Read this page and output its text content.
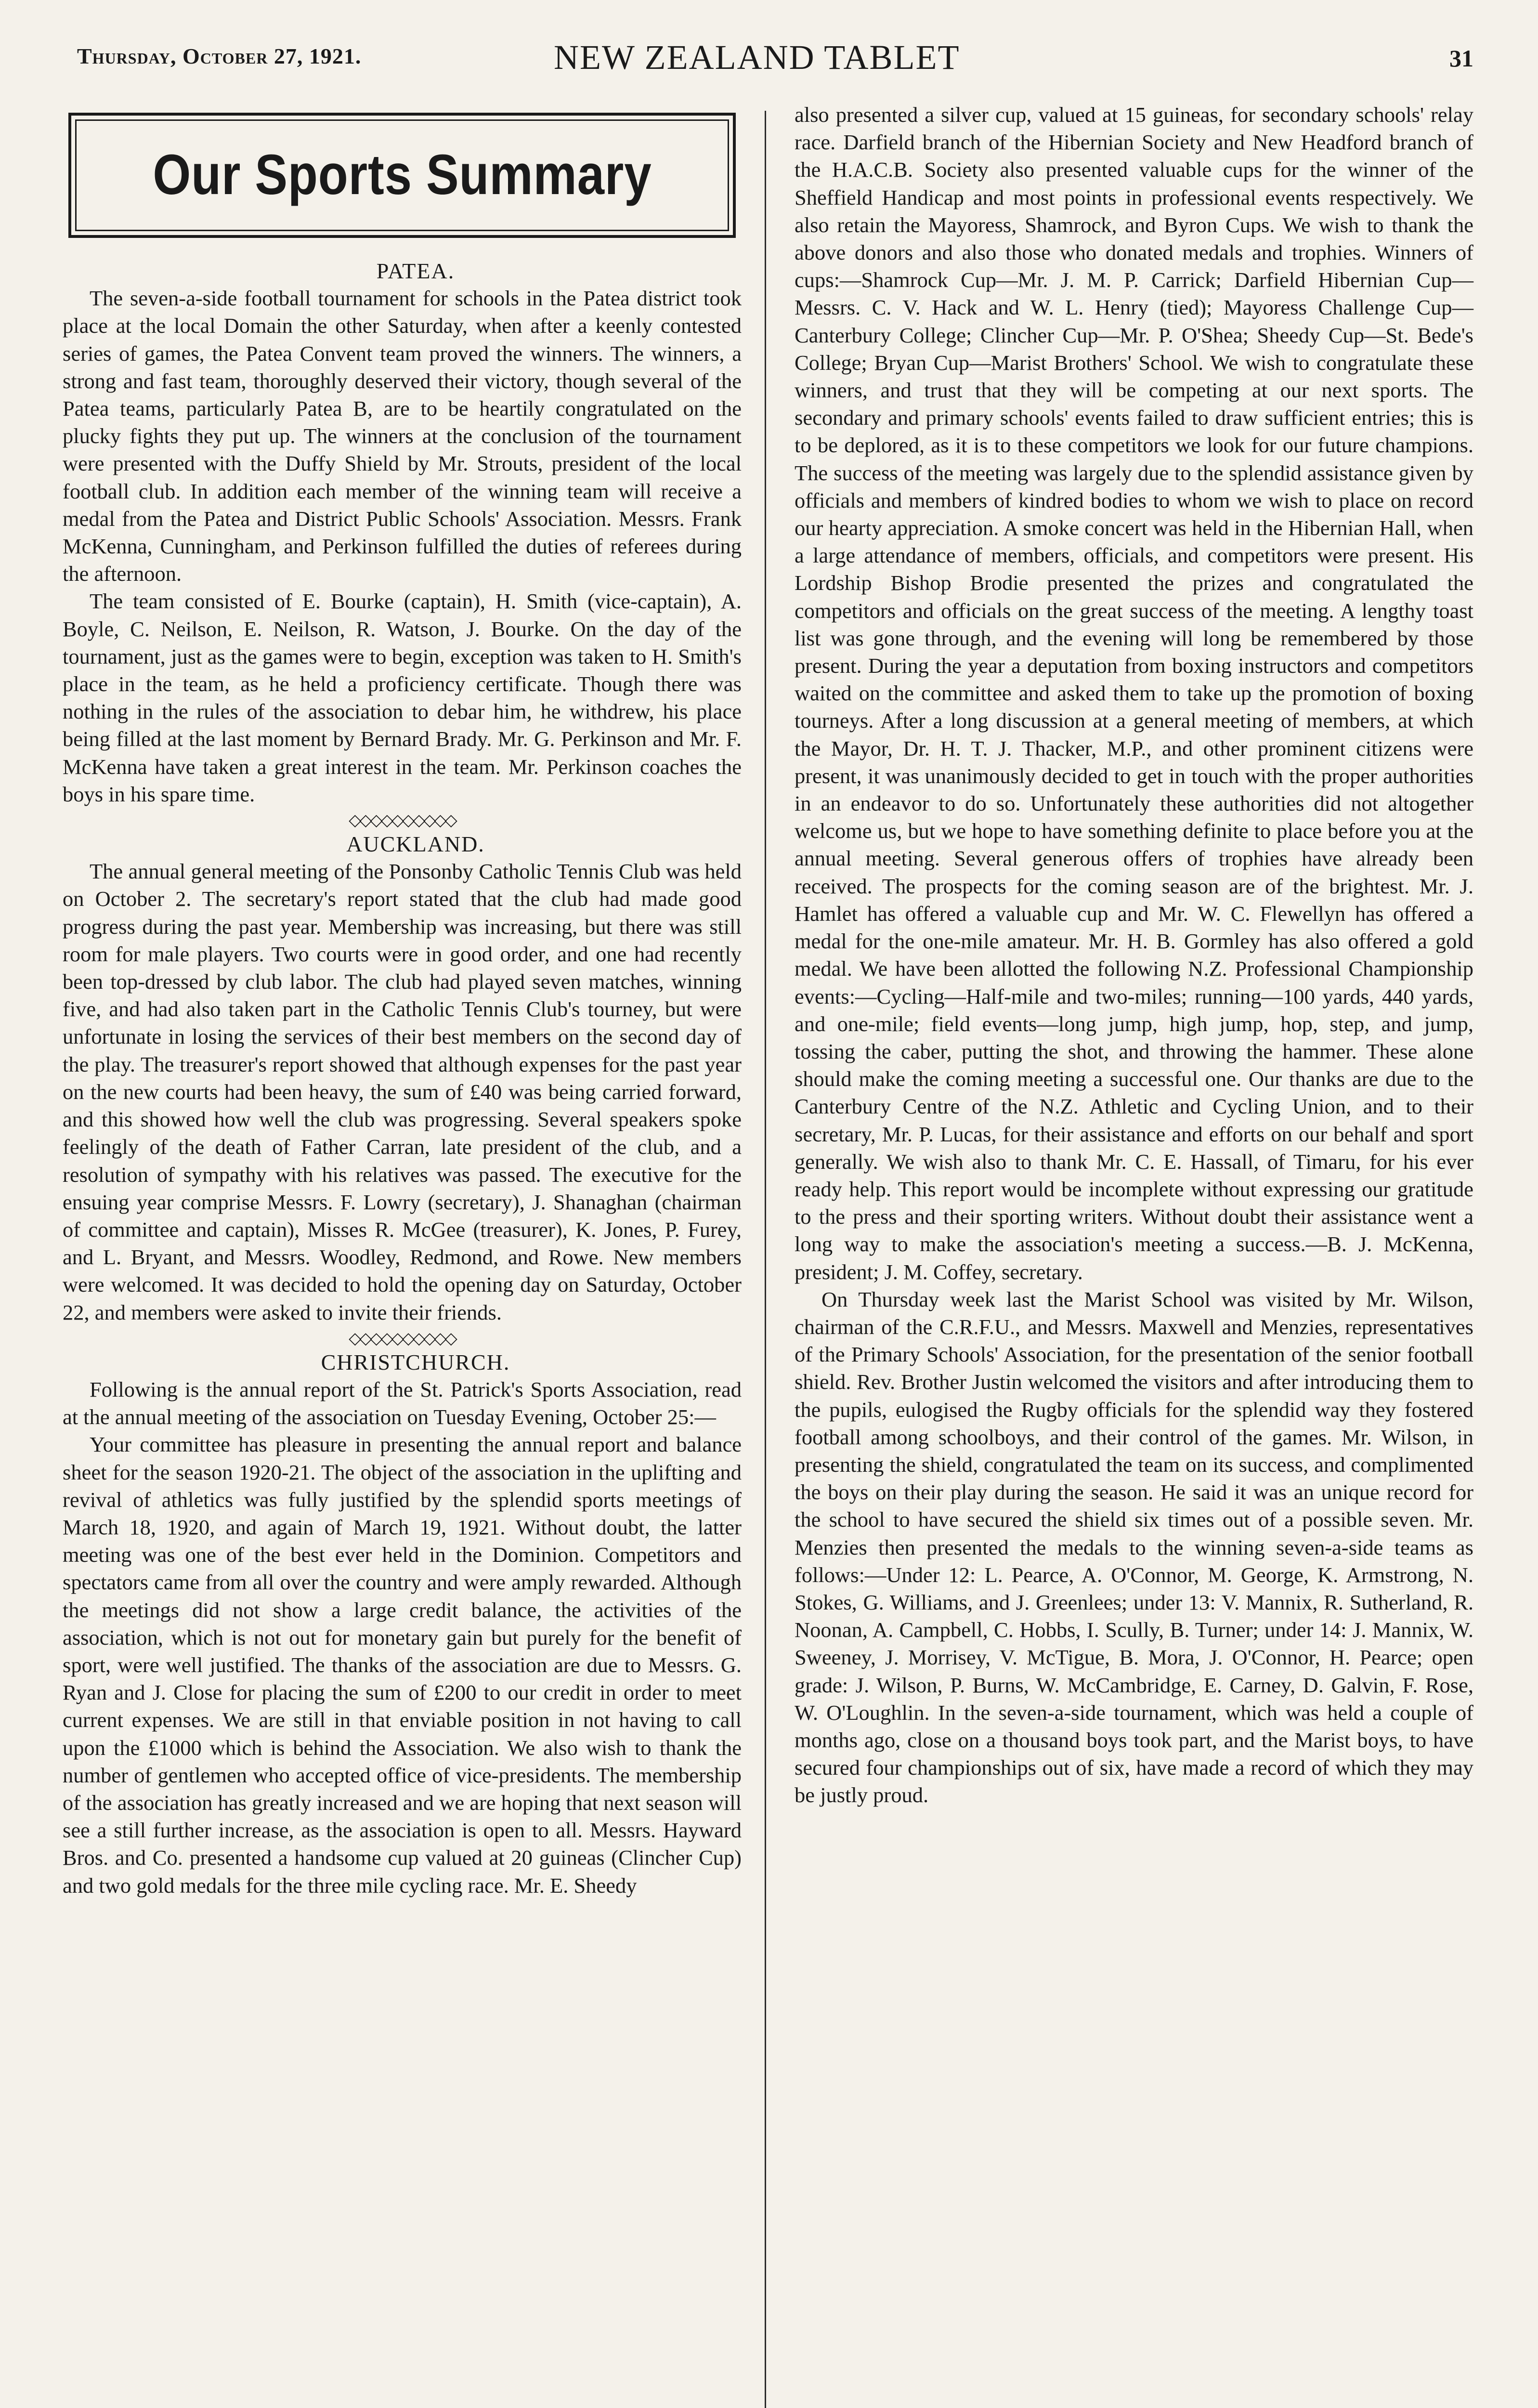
Thursday, October 27, 1921.	NEW ZEALAND TABLET	31
Our Sports Summary

PATEA.

The seven-a-side football tournament for schools in the Patea district took place at the local Domain the other Saturday, when after a keenly contested series of games, the Patea Convent team proved the winners. The winners, a strong and fast team, thoroughly deserved their victory, though several of the Patea teams, particularly Patea B, are to be heartily congratulated on the plucky fights they put up. The winners at the conclusion of the tournament were presented with the Duffy Shield by Mr. Strouts, president of the local football club. In addition each member of the winning team will receive a medal from the Patea and District Public Schools' Association. Messrs. Frank McKenna, Cunningham, and Perkinson fulfilled the duties of referees during the afternoon.

The team consisted of E. Bourke (captain), H. Smith (vice-captain), A. Boyle, C. Neilson, E. Neilson, R. Watson, J. Bourke. On the day of the tournament, just as the games were to begin, exception was taken to H. Smith's place in the team, as he held a proficiency certificate. Though there was nothing in the rules of the association to debar him, he withdrew, his place being filled at the last moment by Bernard Brady. Mr. G. Perkinson and Mr. F. McKenna have taken a great interest in the team. Mr. Perkinson coaches the boys in his spare time.

◇◇◇◇◇◇◇◇◇◇

AUCKLAND.

The annual general meeting of the Ponsonby Catholic Tennis Club was held on October 2. The secretary's report stated that the club had made good progress during the past year. Membership was increasing, but there was still room for male players. Two courts were in good order, and one had recently been top-dressed by club labor. The club had played seven matches, winning five, and had also taken part in the Catholic Tennis Club's tourney, but were unfortunate in losing the services of their best members on the second day of the play. The treasurer's report showed that although expenses for the past year on the new courts had been heavy, the sum of £40 was being carried forward, and this showed how well the club was progressing. Several speakers spoke feelingly of the death of Father Carran, late president of the club, and a resolution of sympathy with his relatives was passed. The executive for the ensuing year comprise Messrs. F. Lowry (secretary), J. Shanaghan (chairman of committee and captain), Misses R. McGee (treasurer), K. Jones, P. Furey, and L. Bryant, and Messrs. Woodley, Redmond, and Rowe. New members were welcomed. It was decided to hold the opening day on Saturday, October 22, and members were asked to invite their friends.

◇◇◇◇◇◇◇◇◇◇

CHRISTCHURCH.

Following is the annual report of the St. Patrick's Sports Association, read at the annual meeting of the association on Tuesday Evening, October 25:—

Your committee has pleasure in presenting the annual report and balance sheet for the season 1920-21. The object of the association in the uplifting and revival of athletics was fully justified by the splendid sports meetings of March 18, 1920, and again of March 19, 1921. Without doubt, the latter meeting was one of the best ever held in the Dominion. Competitors and spectators came from all over the country and were amply rewarded. Although the meetings did not show a large credit balance, the activities of the association, which is not out for monetary gain but purely for the benefit of sport, were well justified. The thanks of the association are due to Messrs. G. Ryan and J. Close for placing the sum of £200 to our credit in order to meet current expenses. We are still in that enviable position in not having to call upon the £1000 which is behind the Association. We also wish to thank the number of gentlemen who accepted office of vice-presidents. The membership of the association has greatly increased and we are hoping that next season will see a still further increase, as the association is open to all. Messrs. Hayward Bros. and Co. presented a handsome cup valued at 20 guineas (Clincher Cup) and two gold medals for the three mile cycling race. Mr. E. Sheedy

also presented a silver cup, valued at 15 guineas, for secondary schools' relay race. Darfield branch of the Hibernian Society and New Headford branch of the H.A.C.B. Society also presented valuable cups for the winner of the Sheffield Handicap and most points in professional events respectively. We also retain the Mayoress, Shamrock, and Byron Cups. We wish to thank the above donors and also those who donated medals and trophies. Winners of cups:—Shamrock Cup—Mr. J. M. P. Carrick; Darfield Hibernian Cup—Messrs. C. V. Hack and W. L. Henry (tied); Mayoress Challenge Cup—Canterbury College; Clincher Cup—Mr. P. O'Shea; Sheedy Cup—St. Bede's College; Bryan Cup—Marist Brothers' School. We wish to congratulate these winners, and trust that they will be competing at our next sports. The secondary and primary schools' events failed to draw sufficient entries; this is to be deplored, as it is to these competitors we look for our future champions. The success of the meeting was largely due to the splendid assistance given by officials and members of kindred bodies to whom we wish to place on record our hearty appreciation. A smoke concert was held in the Hibernian Hall, when a large attendance of members, officials, and competitors were present. His Lordship Bishop Brodie presented the prizes and congratulated the competitors and officials on the great success of the meeting. A lengthy toast list was gone through, and the evening will long be remembered by those present. During the year a deputation from boxing instructors and competitors waited on the committee and asked them to take up the promotion of boxing tourneys. After a long discussion at a general meeting of members, at which the Mayor, Dr. H. T. J. Thacker, M.P., and other prominent citizens were present, it was unanimously decided to get in touch with the proper authorities in an endeavor to do so. Unfortunately these authorities did not altogether welcome us, but we hope to have something definite to place before you at the annual meeting. Several generous offers of trophies have already been received. The prospects for the coming season are of the brightest. Mr. J. Hamlet has offered a valuable cup and Mr. W. C. Flewellyn has offered a medal for the one-mile amateur. Mr. H. B. Gormley has also offered a gold medal. We have been allotted the following N.Z. Professional Championship events:—Cycling—Half-mile and two-miles; running—100 yards, 440 yards, and one-mile; field events—long jump, high jump, hop, step, and jump, tossing the caber, putting the shot, and throwing the hammer. These alone should make the coming meeting a successful one. Our thanks are due to the Canterbury Centre of the N.Z. Athletic and Cycling Union, and to their secretary, Mr. P. Lucas, for their assistance and efforts on our behalf and sport generally. We wish also to thank Mr. C. E. Hassall, of Timaru, for his ever ready help. This report would be incomplete without expressing our gratitude to the press and their sporting writers. Without doubt their assistance went a long way to make the association's meeting a success.—B. J. McKenna, president; J. M. Coffey, secretary.

On Thursday week last the Marist School was visited by Mr. Wilson, chairman of the C.R.F.U., and Messrs. Maxwell and Menzies, representatives of the Primary Schools' Association, for the presentation of the senior football shield. Rev. Brother Justin welcomed the visitors and after introducing them to the pupils, eulogised the Rugby officials for the splendid way they fostered football among schoolboys, and their control of the games. Mr. Wilson, in presenting the shield, congratulated the team on its success, and complimented the boys on their play during the season. He said it was an unique record for the school to have secured the shield six times out of a possible seven. Mr. Menzies then presented the medals to the winning seven-a-side teams as follows:—Under 12: L. Pearce, A. O'Connor, M. George, K. Armstrong, N. Stokes, G. Williams, and J. Greenlees; under 13: V. Mannix, R. Sutherland, R. Noonan, A. Campbell, C. Hobbs, I. Scully, B. Turner; under 14: J. Mannix, W. Sweeney, J. Morrisey, V. McTigue, B. Mora, J. O'Connor, H. Pearce; open grade: J. Wilson, P. Burns, W. McCambridge, E. Carney, D. Galvin, F. Rose, W. O'Loughlin. In the seven-a-side tournament, which was held a couple of months ago, close on a thousand boys took part, and the Marist boys, to have secured four championships out of six, have made a record of which they may be justly proud.
